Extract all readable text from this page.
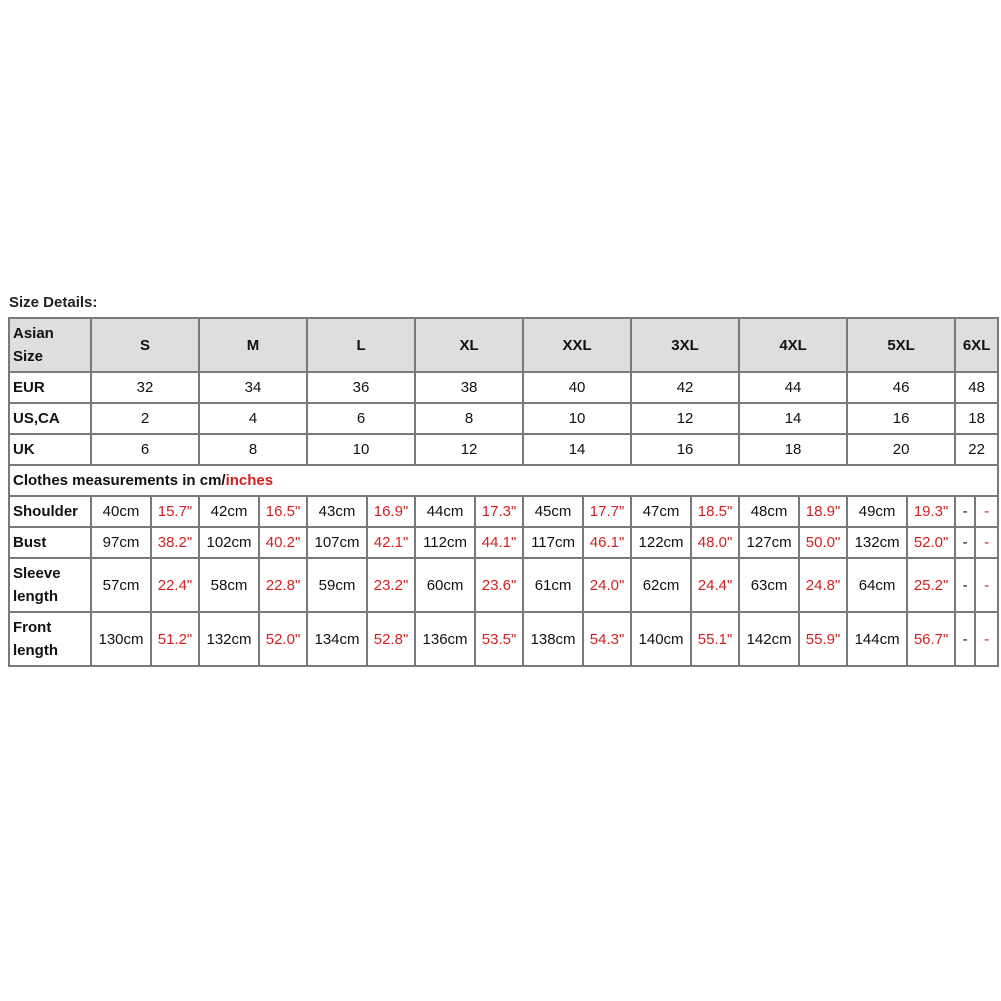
Size Details:
Asian Size	S		M		L		XL		XXL		3XL		4XL		5XL		6XL	
EUR	32		34		36		38		40		42		44		46		48	
US,CA	2		4		6		8		10		12		14		16		18	
UK	6		8		10		12		14		16		18		20		22	
Clothes measurements in cm/inches																		
Shoulder	40cm	15.7"	42cm	16.5"	43cm	16.9"	44cm	17.3"	45cm	17.7"	47cm	18.5"	48cm	18.9"	49cm	19.3"	-	-
Bust	97cm	38.2"	102cm	40.2"	107cm	42.1"	112cm	44.1"	117cm	46.1"	122cm	48.0"	127cm	50.0"	132cm	52.0"	-	-
Sleeve length	57cm	22.4"	58cm	22.8"	59cm	23.2"	60cm	23.6"	61cm	24.0"	62cm	24.4"	63cm	24.8"	64cm	25.2"	-	-
Front length	130cm	51.2"	132cm	52.0"	134cm	52.8"	136cm	53.5"	138cm	54.3"	140cm	55.1"	142cm	55.9"	144cm	56.7"	-	-
